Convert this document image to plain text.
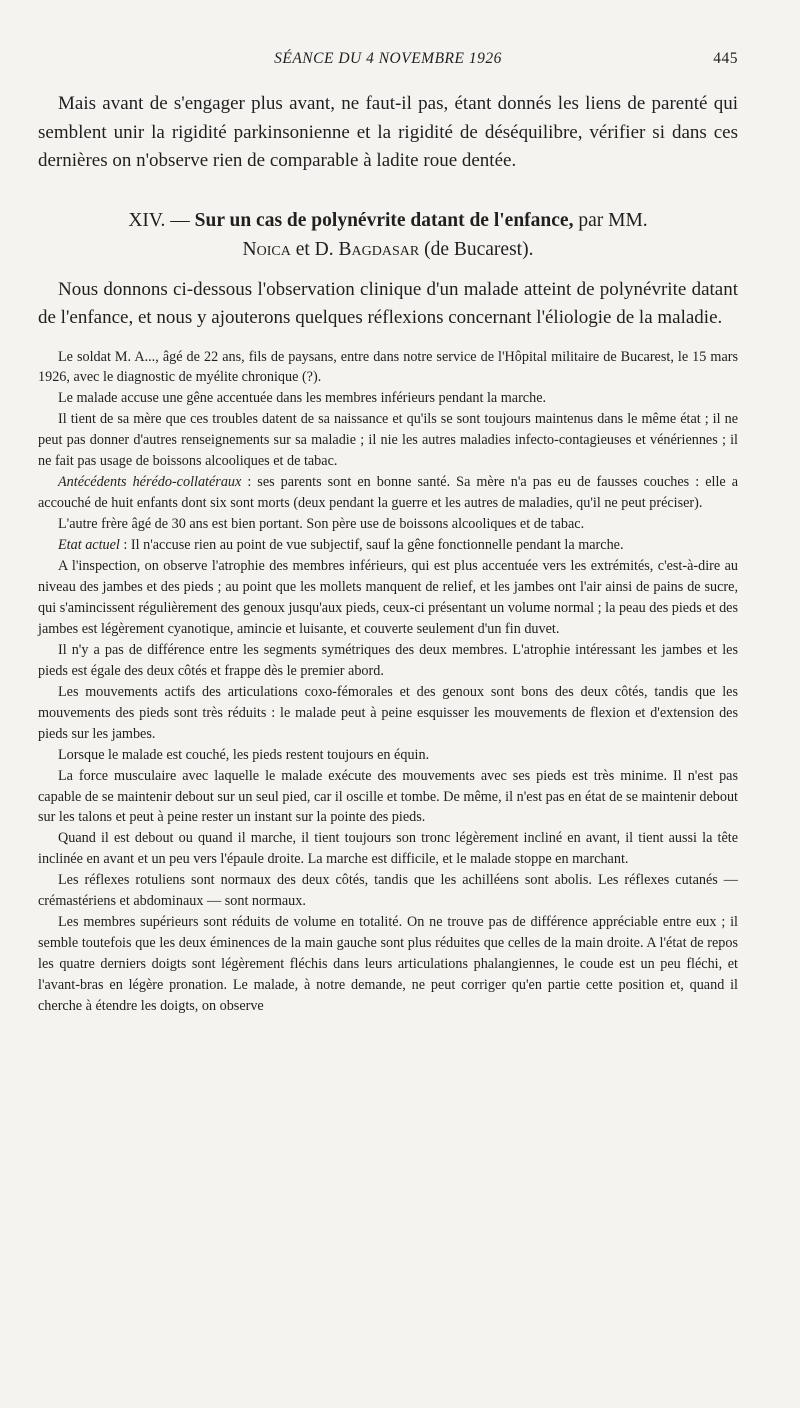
SÉANCE DU 4 NOVEMBRE 1926	445

Mais avant de s'engager plus avant, ne faut-il pas, étant donnés les liens de parenté qui semblent unir la rigidité parkinsonienne et la rigidité de déséquilibre, vérifier si dans ces dernières on n'observe rien de comparable à ladite roue dentée.

XIV. — Sur un cas de polynévrite datant de l'enfance, par MM.
Noica et D. Bagdasar (de Bucarest).

Nous donnons ci-dessous l'observation clinique d'un malade atteint de polynévrite datant de l'enfance, et nous y ajouterons quelques réflexions concernant l'éliologie de la maladie.

Le soldat M. A..., âgé de 22 ans, fils de paysans, entre dans notre service de l'Hôpital militaire de Bucarest, le 15 mars 1926, avec le diagnostic de myélite chronique (?).

Le malade accuse une gêne accentuée dans les membres inférieurs pendant la marche.

Il tient de sa mère que ces troubles datent de sa naissance et qu'ils se sont toujours maintenus dans le même état ; il ne peut pas donner d'autres renseignements sur sa maladie ; il nie les autres maladies infecto-contagieuses et vénériennes ; il ne fait pas usage de boissons alcooliques et de tabac.

Antécédents hérédo-collatéraux : ses parents sont en bonne santé. Sa mère n'a pas eu de fausses couches : elle a accouché de huit enfants dont six sont morts (deux pendant la guerre et les autres de maladies, qu'il ne peut préciser).

L'autre frère âgé de 30 ans est bien portant. Son père use de boissons alcooliques et de tabac.

Etat actuel : Il n'accuse rien au point de vue subjectif, sauf la gêne fonctionnelle pendant la marche.

A l'inspection, on observe l'atrophie des membres inférieurs, qui est plus accentuée vers les extrémités, c'est-à-dire au niveau des jambes et des pieds ; au point que les mollets manquent de relief, et les jambes ont l'air ainsi de pains de sucre, qui s'amincissent régulièrement des genoux jusqu'aux pieds, ceux-ci présentant un volume normal ; la peau des pieds et des jambes est légèrement cyanotique, amincie et luisante, et couverte seulement d'un fin duvet.

Il n'y a pas de différence entre les segments symétriques des deux membres. L'atrophie intéressant les jambes et les pieds est égale des deux côtés et frappe dès le premier abord.

Les mouvements actifs des articulations coxo-fémorales et des genoux sont bons des deux côtés, tandis que les mouvements des pieds sont très réduits : le malade peut à peine esquisser les mouvements de flexion et d'extension des pieds sur les jambes.

Lorsque le malade est couché, les pieds restent toujours en équin.

La force musculaire avec laquelle le malade exécute des mouvements avec ses pieds est très minime. Il n'est pas capable de se maintenir debout sur un seul pied, car il oscille et tombe. De même, il n'est pas en état de se maintenir debout sur les talons et peut à peine rester un instant sur la pointe des pieds.

Quand il est debout ou quand il marche, il tient toujours son tronc légèrement incliné en avant, il tient aussi la tête inclinée en avant et un peu vers l'épaule droite. La marche est difficile, et le malade stoppe en marchant.

Les réflexes rotuliens sont normaux des deux côtés, tandis que les achilléens sont abolis. Les réflexes cutanés — crémastériens et abdominaux — sont normaux.

Les membres supérieurs sont réduits de volume en totalité. On ne trouve pas de différence appréciable entre eux ; il semble toutefois que les deux éminences de la main gauche sont plus réduites que celles de la main droite. A l'état de repos les quatre derniers doigts sont légèrement fléchis dans leurs articulations phalangiennes, le coude est un peu fléchi, et l'avant-bras en légère pronation. Le malade, à notre demande, ne peut corriger qu'en partie cette position et, quand il cherche à étendre les doigts, on observe
